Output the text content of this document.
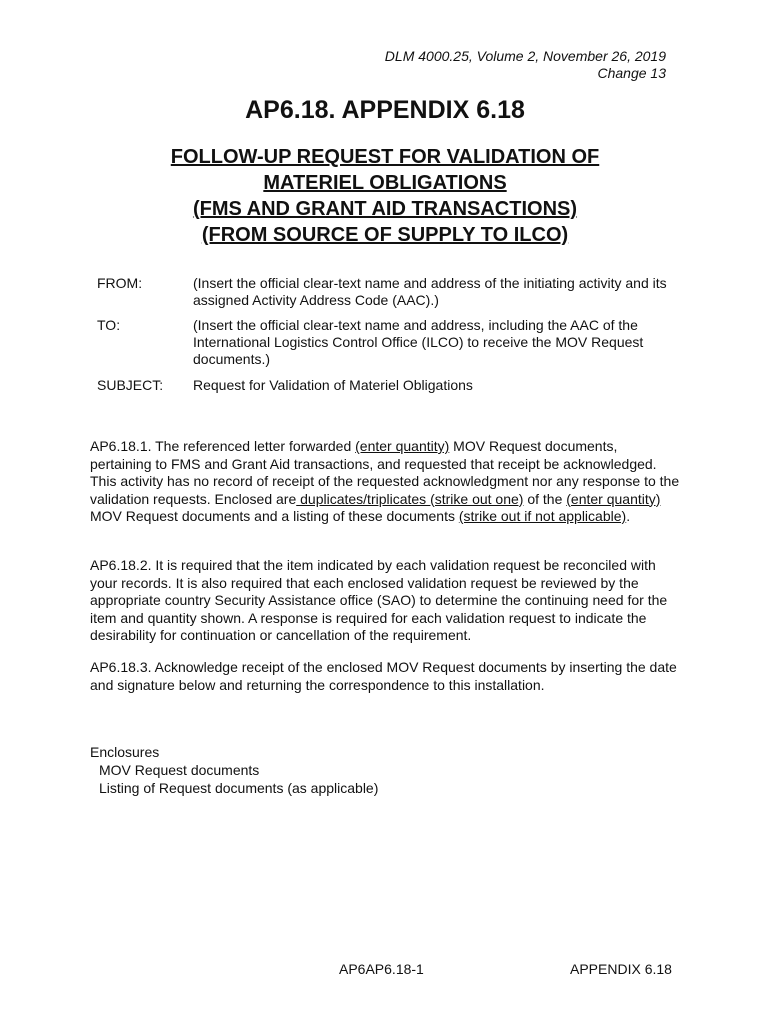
DLM 4000.25, Volume 2, November 26, 2019
Change 13
AP6.18. APPENDIX 6.18
FOLLOW-UP REQUEST FOR VALIDATION OF
MATERIEL OBLIGATIONS
(FMS AND GRANT AID TRANSACTIONS)
(FROM SOURCE OF SUPPLY TO ILCO)
FROM:	(Insert the official clear-text name and address of the initiating activity and its assigned Activity Address Code (AAC).)
TO:	(Insert the official clear-text name and address, including the AAC of the International Logistics Control Office (ILCO) to receive the MOV Request documents.)
SUBJECT:	Request for Validation of Materiel Obligations
AP6.18.1. The referenced letter forwarded (enter quantity) MOV Request documents, pertaining to FMS and Grant Aid transactions, and requested that receipt be acknowledged. This activity has no record of receipt of the requested acknowledgment nor any response to the validation requests. Enclosed are duplicates/triplicates (strike out one) of the (enter quantity) MOV Request documents and a listing of these documents (strike out if not applicable).
AP6.18.2. It is required that the item indicated by each validation request be reconciled with your records. It is also required that each enclosed validation request be reviewed by the appropriate country Security Assistance office (SAO) to determine the continuing need for the item and quantity shown. A response is required for each validation request to indicate the desirability for continuation or cancellation of the requirement.
AP6.18.3. Acknowledge receipt of the enclosed MOV Request documents by inserting the date and signature below and returning the correspondence to this installation.
Enclosures
MOV Request documents
Listing of Request documents (as applicable)
AP6AP6.18-1	APPENDIX 6.18
